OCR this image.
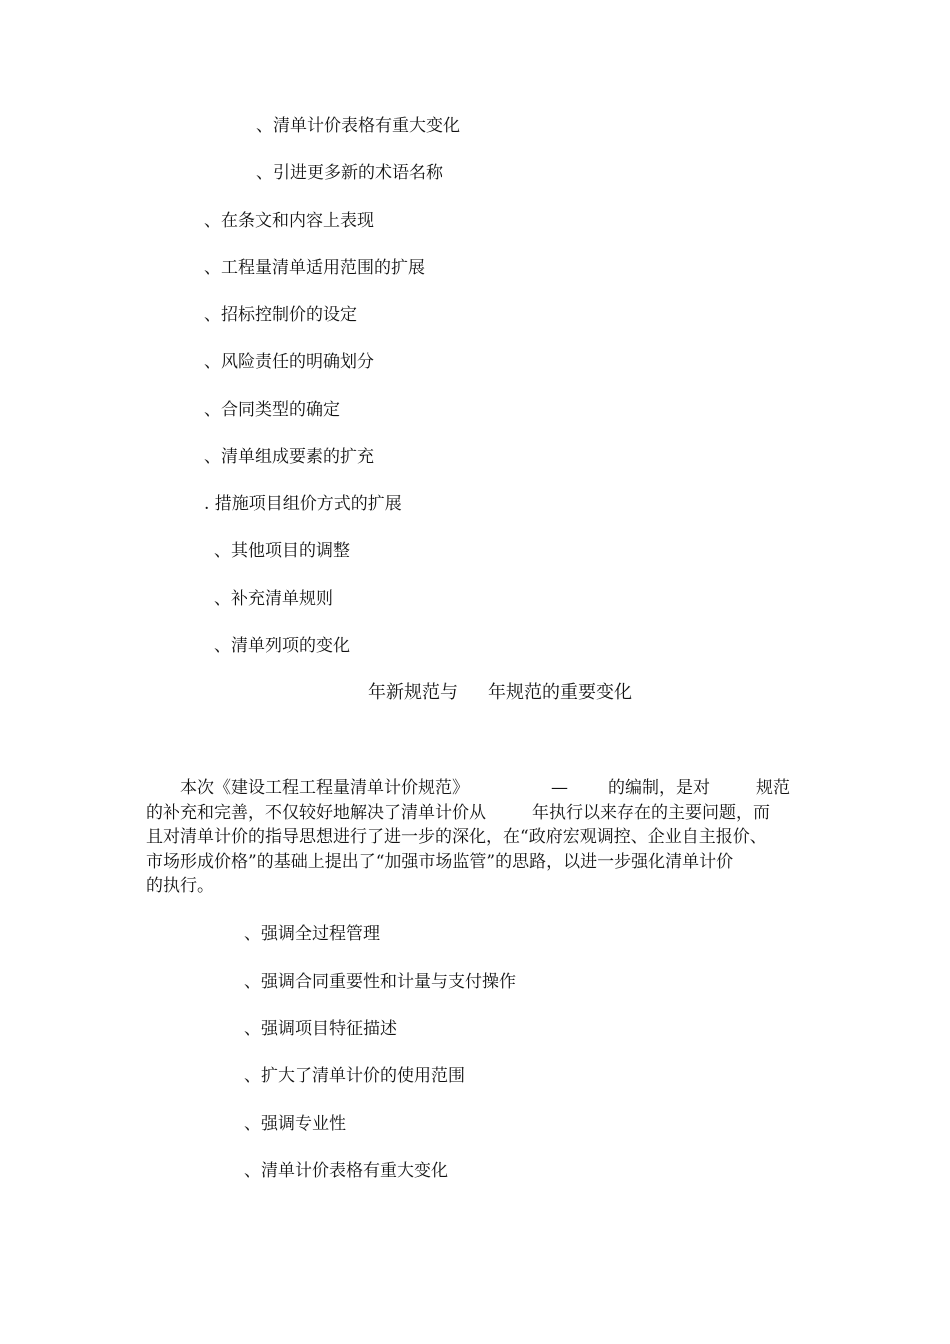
、清单计价表格有重大变化
、引进更多新的术语名称
、在条文和内容上表现
、工程量清单适用范围的扩展
、招标控制价的设定
、风险责任的明确划分
、合同类型的确定
、清单组成要素的扩充
. 措施项目组价方式的扩展
、其他项目的调整
、补充清单规则
、清单列项的变化
年新规范与 年规范的重要变化
本次《建设工程工程量清单计价规范》	— 的编制，是对	规范
的补充和完善，不仅较好地解决了清单计价从	年执行以来存在的主要问题，而
且对清单计价的指导思想进行了进一步的深化，在“政府宏观调控、企业自主报价、
市场形成价格”的基础上提出了“加强市场监管”的思路，以进一步强化清单计价
的执行。
、强调全过程管理
、强调合同重要性和计量与支付操作
、强调项目特征描述
、扩大了清单计价的使用范围
、强调专业性
、清单计价表格有重大变化
